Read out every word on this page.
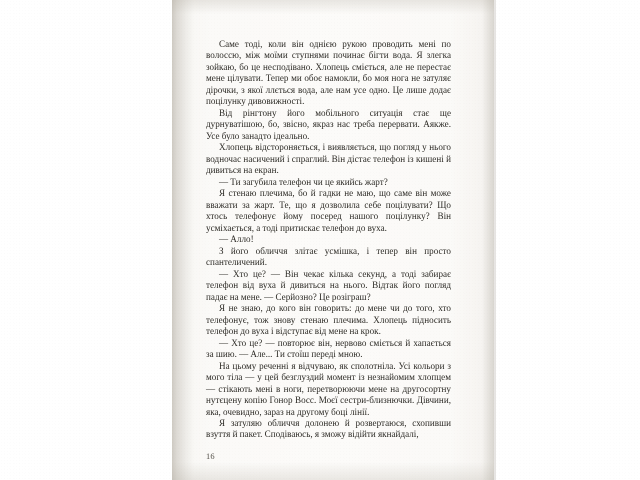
Саме тоді, коли він однією рукою проводить мені по волоссю, між моїми ступнями починає бігти вода. Я злегка зойкаю, бо це несподівано. Хлопець сміється, але не перестає мене цілувати. Тепер ми обоє намокли, бо моя нога не затуляє дірочки, з якої ллється вода, але нам усе одно. Це лише додає поцілунку дивовижності.

Від рінгтону його мобільного ситуація стає ще дурнуватішою, бо, звісно, якраз нас треба перервати. Аякже. Усе було занадто ідеально.

Хлопець відстороняється, і виявляється, що погляд у нього водночас насичений і спраглий. Він дістає телефон із кишені й дивиться на екран.

— Ти загубила телефон чи це якийсь жарт?

Я стенаю плечима, бо й гадки не маю, що саме він може вважати за жарт. Те, що я дозволила себе поцілувати? Що хтось телефонує йому посеред нашого поцілунку? Він усміхається, а тоді притискає телефон до вуха.

— Алло!

З його обличчя злітає усмішка, і тепер він просто спантеличений.

— Хто це? — Він чекає кілька секунд, а тоді забирає телефон від вуха й дивиться на нього. Відтак його погляд падає на мене. — Серйозно? Це розіграш?

Я не знаю, до кого він говорить: до мене чи до того, хто телефонує, тож знову стенаю плечима. Хлопець підносить телефон до вуха і відступає від мене на крок.

— Хто це? — повторює він, нервово сміється й хапається за шию. — Але... Ти стоїш переді мною.

На цьому реченні я відчуваю, як сполотніла. Усі кольори з мого тіла — у цей безглуздий момент із незнайомим хлопцем — стікають мені в ноги, перетворюючи мене на другосортну нутєцену копію Гонор Восс. Моєї сестри-близнючки. Дівчини, яка, очевидно, зараз на другому боці лінії.

Я затуляю обличчя долонею й розвертаюся, схопивши взуття й пакет. Сподіваюсь, я зможу відійти якнайдалі,

16
